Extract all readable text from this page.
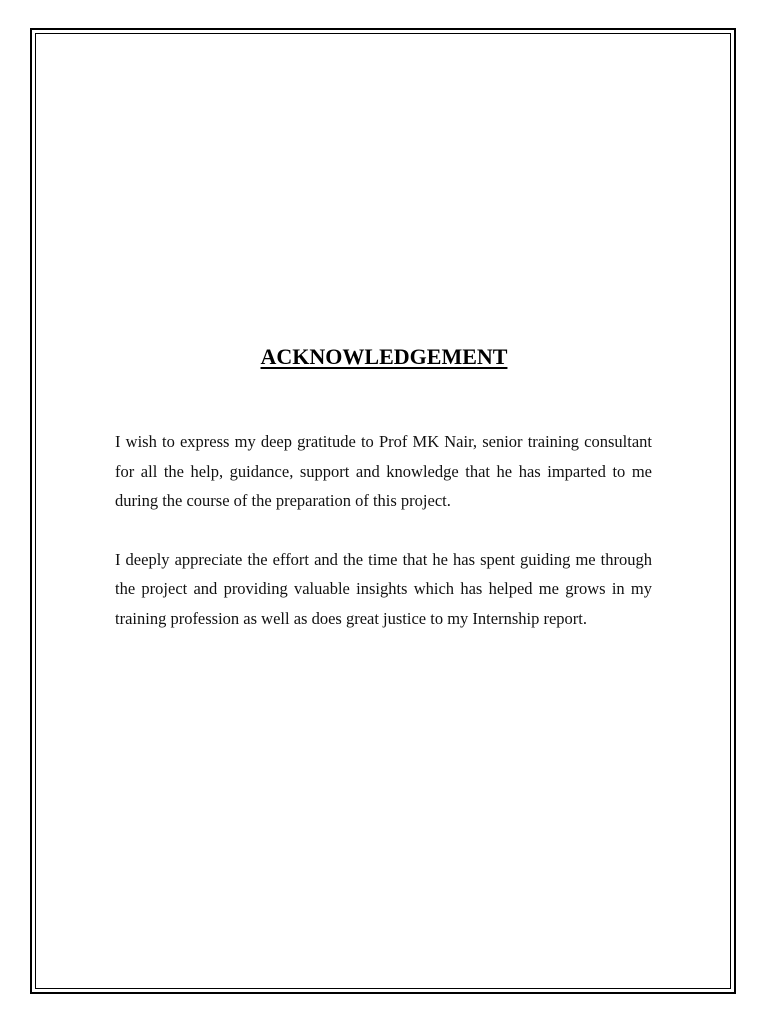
ACKNOWLEDGEMENT

I wish to express my deep gratitude to Prof MK Nair, senior training consultant for all the help, guidance, support and knowledge that he has imparted to me during the course of the preparation of this project.

I deeply appreciate the effort and the time that he has spent guiding me through the project and providing valuable insights which has helped me grows in my training profession as well as does great justice to my Internship report.
